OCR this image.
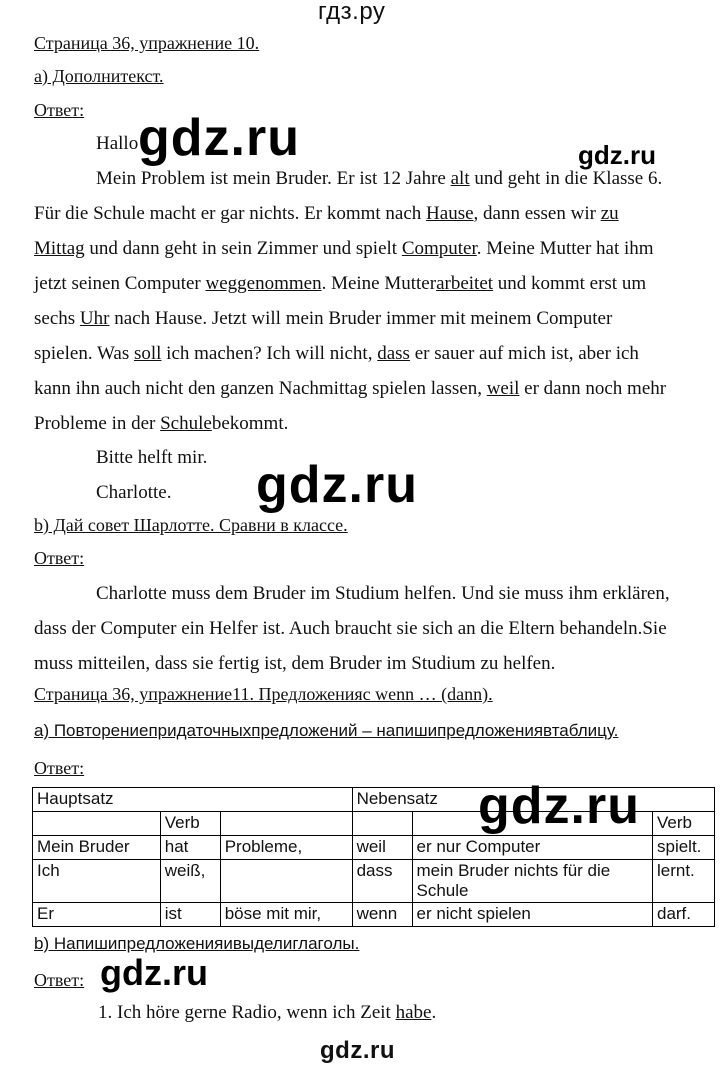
гдз.ру
Страница 36, упражнение 10.
а) Дополнитекст.
Ответ:
Hallo
Mein Problem ist mein Bruder. Er ist 12 Jahre alt und geht in die Klasse 6.
Für die Schule macht er gar nichts. Er kommt nach Hause, dann essen wir zu
Mittag und dann geht in sein Zimmer und spielt Computer. Meine Mutter hat ihm
jetzt seinen Computer weggenommen. Meine Mutterarbeitet und kommt erst um
sechs Uhr nach Hause. Jetzt will mein Bruder immer mit meinem Computer
spielen. Was soll ich machen? Ich will nicht, dass er sauer auf mich ist, aber ich
kann ihn auch nicht den ganzen Nachmittag spielen lassen, weil er dann noch mehr
Probleme in der Schulebekommt.
Bitte helft mir.
Charlotte.
b) Дай совет Шарлотте. Сравни в классе.
Ответ:
Charlotte muss dem Bruder im Studium helfen. Und sie muss ihm erklären,
dass der Computer ein Helfer ist. Auch braucht sie sich an die Eltern behandeln.Sie
muss mitteilen, dass sie fertig ist, dem Bruder im Studium zu helfen.
Страница 36, упражнение11. Предложенияс wenn … (dann).
а) Повторениепридаточныхпредложений – напишипредложениявтаблицу.
Ответ:
Hauptsatz			Nebensatz		
	Verb				Verb
Mein Bruder	hat	Probleme,	weil	er nur Computer	spielt.
Ich	weiß,		dass	mein Bruder nichts für die Schule	lernt.
Er	ist	böse mit mir,	wenn	er nicht spielen	darf.
b) Напишипредложенияивыделиглаголы.
Ответ:
1. Ich höre gerne Radio, wenn ich Zeit habe.
gdz.ru	gdz.ru
gdz.ru
gdz.ru
gdz.ru
gdz.ru
